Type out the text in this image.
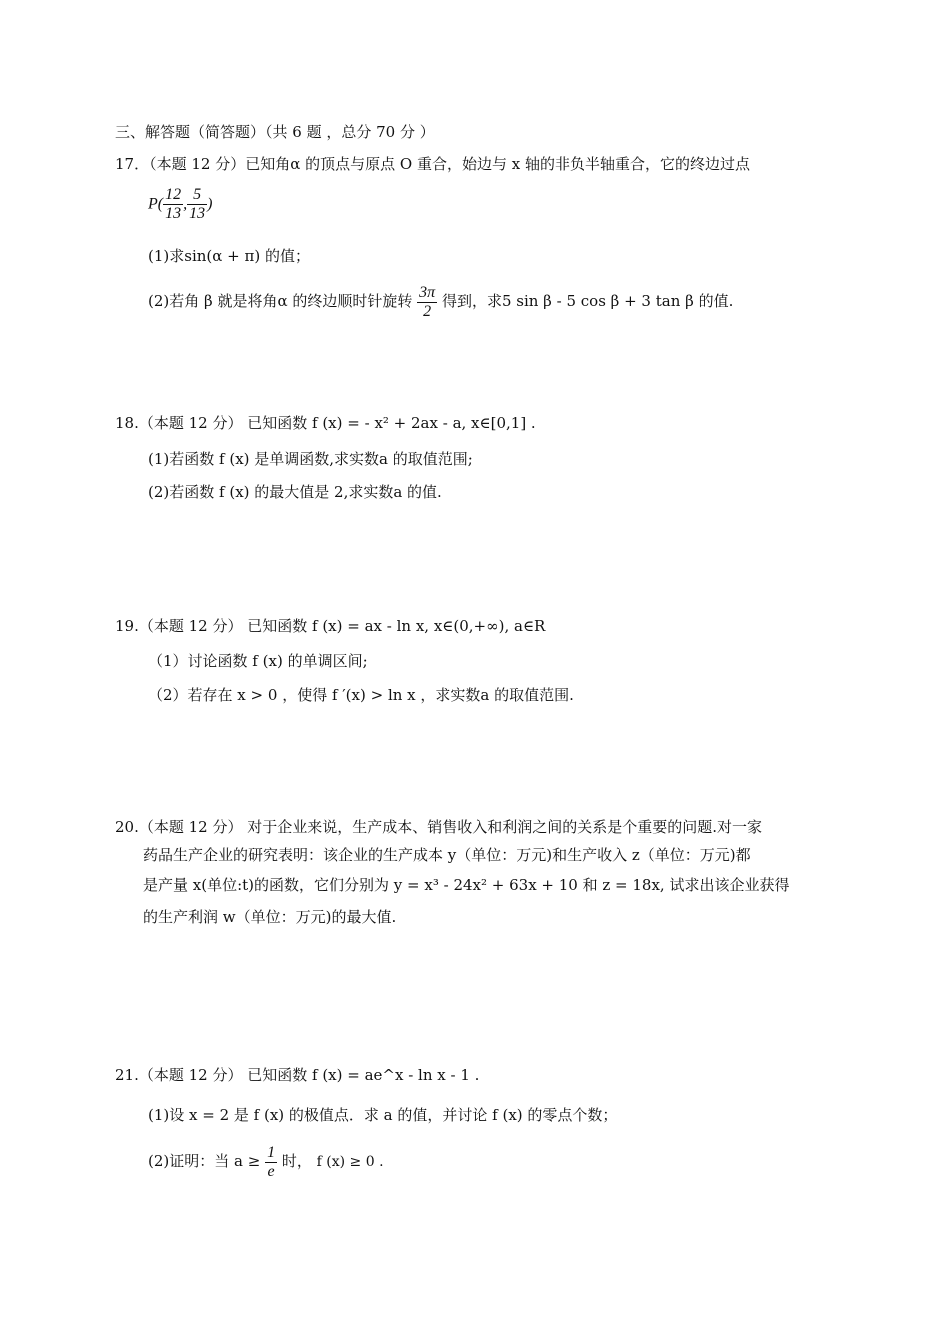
三、解答题（简答题）（共 6 题 ，总分 70 分 ）
17．（本题 12 分）已知角α 的顶点与原点 O 重合，始边与 x 轴的非负半轴重合，它的终边过点
$P( \frac{12}{13}$ , $\frac{5}{13}$ )
(1)求sin(α + π) 的值；
(2)若角 β 就是将角α 的终边顺时针旋转 $\frac{3\pi}{2}$ 得到，求5 sin β - 5 cos β + 3 tan β 的值.
18.（本题 12 分） 已知函数 f (x) = - x² + 2ax - a, x∈[0,1] .
(1)若函数 f (x) 是单调函数,求实数a 的取值范围;
(2)若函数 f (x) 的最大值是 2,求实数a 的值.
19.（本题 12 分） 已知函数 f (x) = ax - ln x, x∈(0,+∞), a∈R
（1）讨论函数 f (x) 的单调区间;
（2）若存在 x > 0 ，使得 f ′(x) > ln x ，求实数a 的取值范围.
20.（本题 12 分） 对于企业来说，生产成本、销售收入和利润之间的关系是个重要的问题.对一家
药品生产企业的研究表明：该企业的生产成本 y（单位：万元)和生产收入 z（单位：万元)都
是产量 x(单位:t)的函数，它们分别为 y = x³ - 24x² + 63x + 10 和 z = 18x, 试求出该企业获得
的生产利润 w（单位：万元)的最大值.
21.（本题 12 分） 已知函数 f (x) = ae^x - ln x - 1 .
(1)设 x = 2 是 f (x) 的极值点．求 a 的值，并讨论 f (x) 的零点个数；
(2)证明：当 $a \ge \frac{1}{e}$ 时， f (x) ≥ 0 .
